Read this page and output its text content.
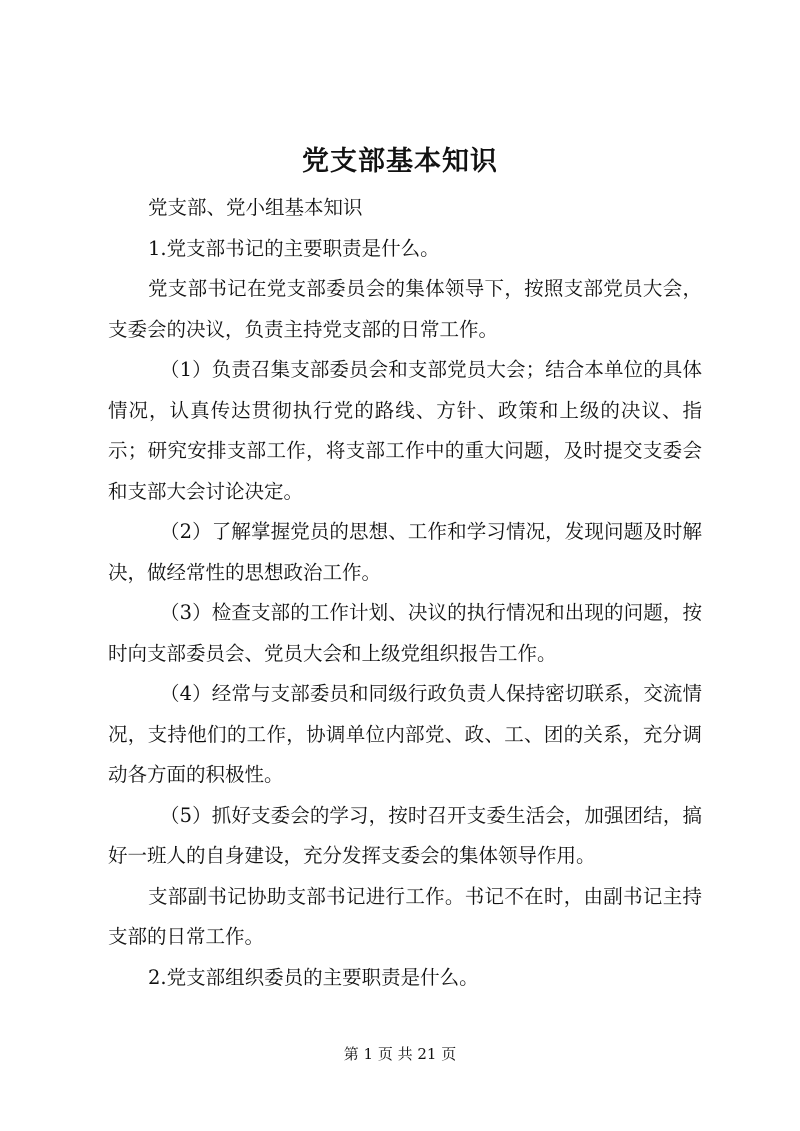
党支部基本知识

党支部、党小组基本知识

1.党支部书记的主要职责是什么。

党支部书记在党支部委员会的集体领导下，按照支部党员大会，支委会的决议，负责主持党支部的日常工作。

（1）负责召集支部委员会和支部党员大会；结合本单位的具体情况，认真传达贯彻执行党的路线、方针、政策和上级的决议、指示；研究安排支部工作，将支部工作中的重大问题，及时提交支委会和支部大会讨论决定。

（2）了解掌握党员的思想、工作和学习情况，发现问题及时解决，做经常性的思想政治工作。

（3）检查支部的工作计划、决议的执行情况和出现的问题，按时向支部委员会、党员大会和上级党组织报告工作。

（4）经常与支部委员和同级行政负责人保持密切联系，交流情况，支持他们的工作，协调单位内部党、政、工、团的关系，充分调动各方面的积极性。

（5）抓好支委会的学习，按时召开支委生活会，加强团结，搞好一班人的自身建设，充分发挥支委会的集体领导作用。

支部副书记协助支部书记进行工作。书记不在时，由副书记主持支部的日常工作。

2.党支部组织委员的主要职责是什么。

第 1 页 共 21 页
